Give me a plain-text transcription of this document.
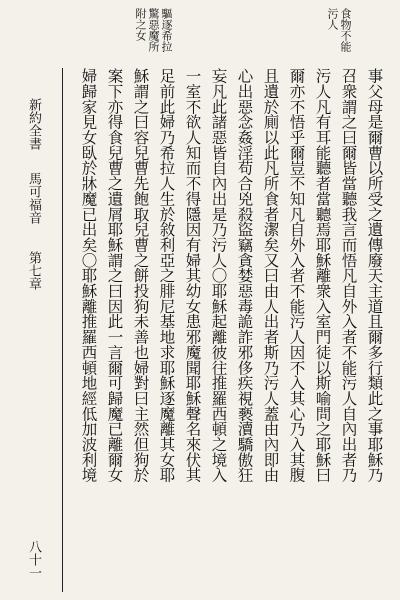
食物不能
污人
驅逐希拉
驚惡魔所
附之女
事父母是爾曹以所受之遺傳廢天主道且爾多行類此之事耶穌乃
召衆謂之曰爾皆當聽我言而悟凡自外入者不能污人自內出者乃
污人凡有耳能聽者當聽焉耶穌離衆入室門徒以斯喻問之耶穌曰
爾亦不悟乎爾豈不知凡自外入者不能污人因不入其心乃入其腹
且遺於廁以此凡所食者潔矣又曰由人出者斯乃污人蓋由內即由
心出惡念姦淫苟合兇殺盜竊貪婪惡毒詭詐邪侈疾視褻瀆驕傲狂
妄凡此諸惡皆自內出是乃污人〇耶穌起離彼往推羅西頓之境入
一室不欲人知而不得隱因有婦其幼女患邪魔聞耶穌聲名來伏其
足前此婦乃希拉人生於敘利亞之腓尼基地求耶穌逐魔離其女耶
穌謂之曰容兒曹先飽取兒曹之餅投狗未善也婦對曰主然但狗於
案下亦得食兒曹之遺屑耶穌謂之曰因此一言爾可歸魔已離爾女
婦歸家見女臥於牀魔已出矣〇耶穌離推羅西頓地經低加波利境
新約全書
馬可福音 第七章
八十一
